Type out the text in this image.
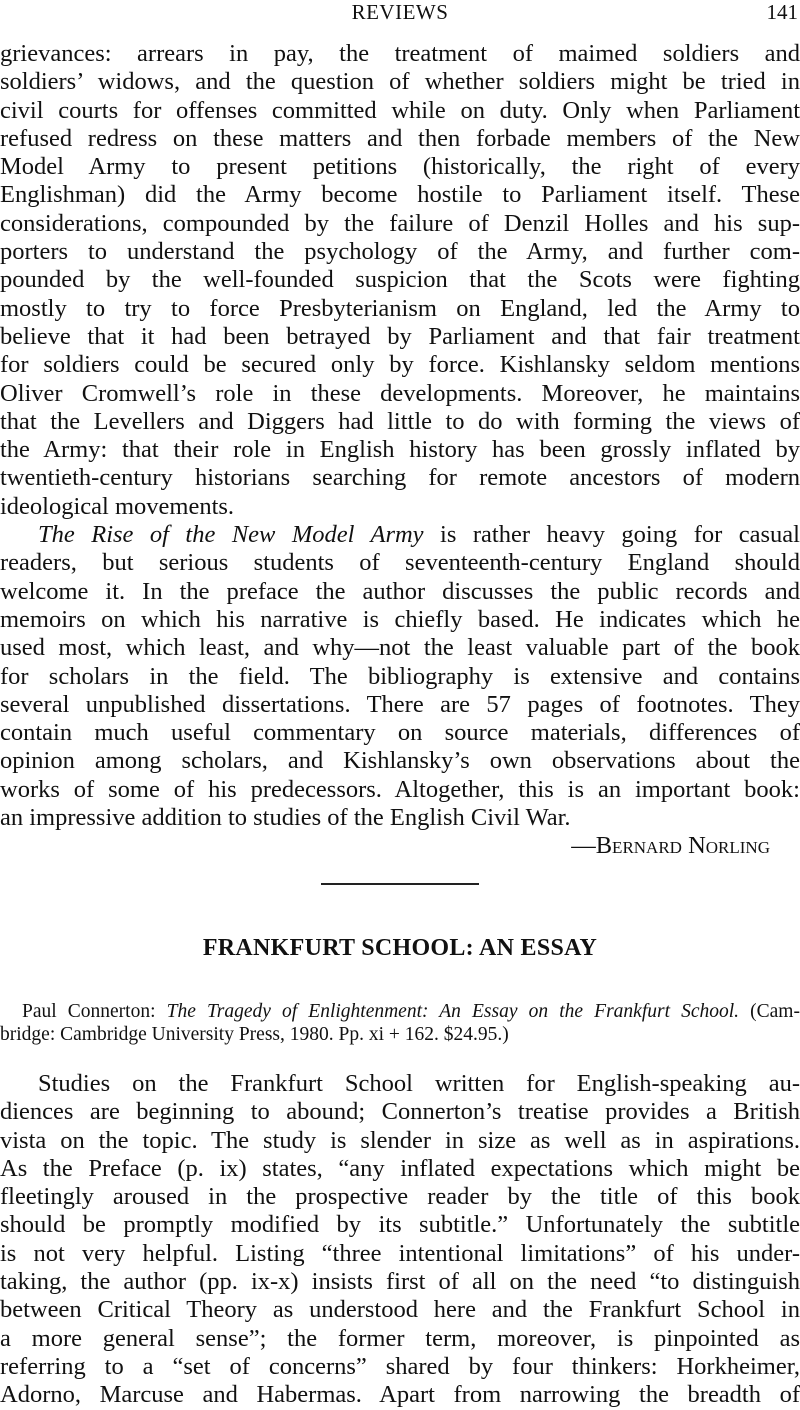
REVIEWS	141
grievances: arrears in pay, the treatment of maimed soldiers and
soldiers’ widows, and the question of whether soldiers might be tried in
civil courts for offenses committed while on duty. Only when Parliament
refused redress on these matters and then forbade members of the New
Model Army to present petitions (historically, the right of every
Englishman) did the Army become hostile to Parliament itself. These
considerations, compounded by the failure of Denzil Holles and his sup-
porters to understand the psychology of the Army, and further com-
pounded by the well-founded suspicion that the Scots were fighting
mostly to try to force Presbyterianism on England, led the Army to
believe that it had been betrayed by Parliament and that fair treatment
for soldiers could be secured only by force. Kishlansky seldom mentions
Oliver Cromwell’s role in these developments. Moreover, he maintains
that the Levellers and Diggers had little to do with forming the views of
the Army: that their role in English history has been grossly inflated by
twentieth-century historians searching for remote ancestors of modern
ideological movements.
The Rise of the New Model Army is rather heavy going for casual
readers, but serious students of seventeenth-century England should
welcome it. In the preface the author discusses the public records and
memoirs on which his narrative is chiefly based. He indicates which he
used most, which least, and why—not the least valuable part of the book
for scholars in the field. The bibliography is extensive and contains
several unpublished dissertations. There are 57 pages of footnotes. They
contain much useful commentary on source materials, differences of
opinion among scholars, and Kishlansky’s own observations about the
works of some of his predecessors. Altogether, this is an important book:
an impressive addition to studies of the English Civil War.
—Bernard Norling
FRANKFURT SCHOOL: AN ESSAY
Paul Connerton: The Tragedy of Enlightenment: An Essay on the Frankfurt School. (Cam-
bridge: Cambridge University Press, 1980. Pp. xi + 162. $24.95.)
Studies on the Frankfurt School written for English-speaking au-
diences are beginning to abound; Connerton’s treatise provides a British
vista on the topic. The study is slender in size as well as in aspirations.
As the Preface (p. ix) states, “any inflated expectations which might be
fleetingly aroused in the prospective reader by the title of this book
should be promptly modified by its subtitle.” Unfortunately the subtitle
is not very helpful. Listing “three intentional limitations” of his under-
taking, the author (pp. ix-x) insists first of all on the need “to distinguish
between Critical Theory as understood here and the Frankfurt School in
a more general sense”; the former term, moreover, is pinpointed as
referring to a “set of concerns” shared by four thinkers: Horkheimer,
Adorno, Marcuse and Habermas. Apart from narrowing the breadth of
